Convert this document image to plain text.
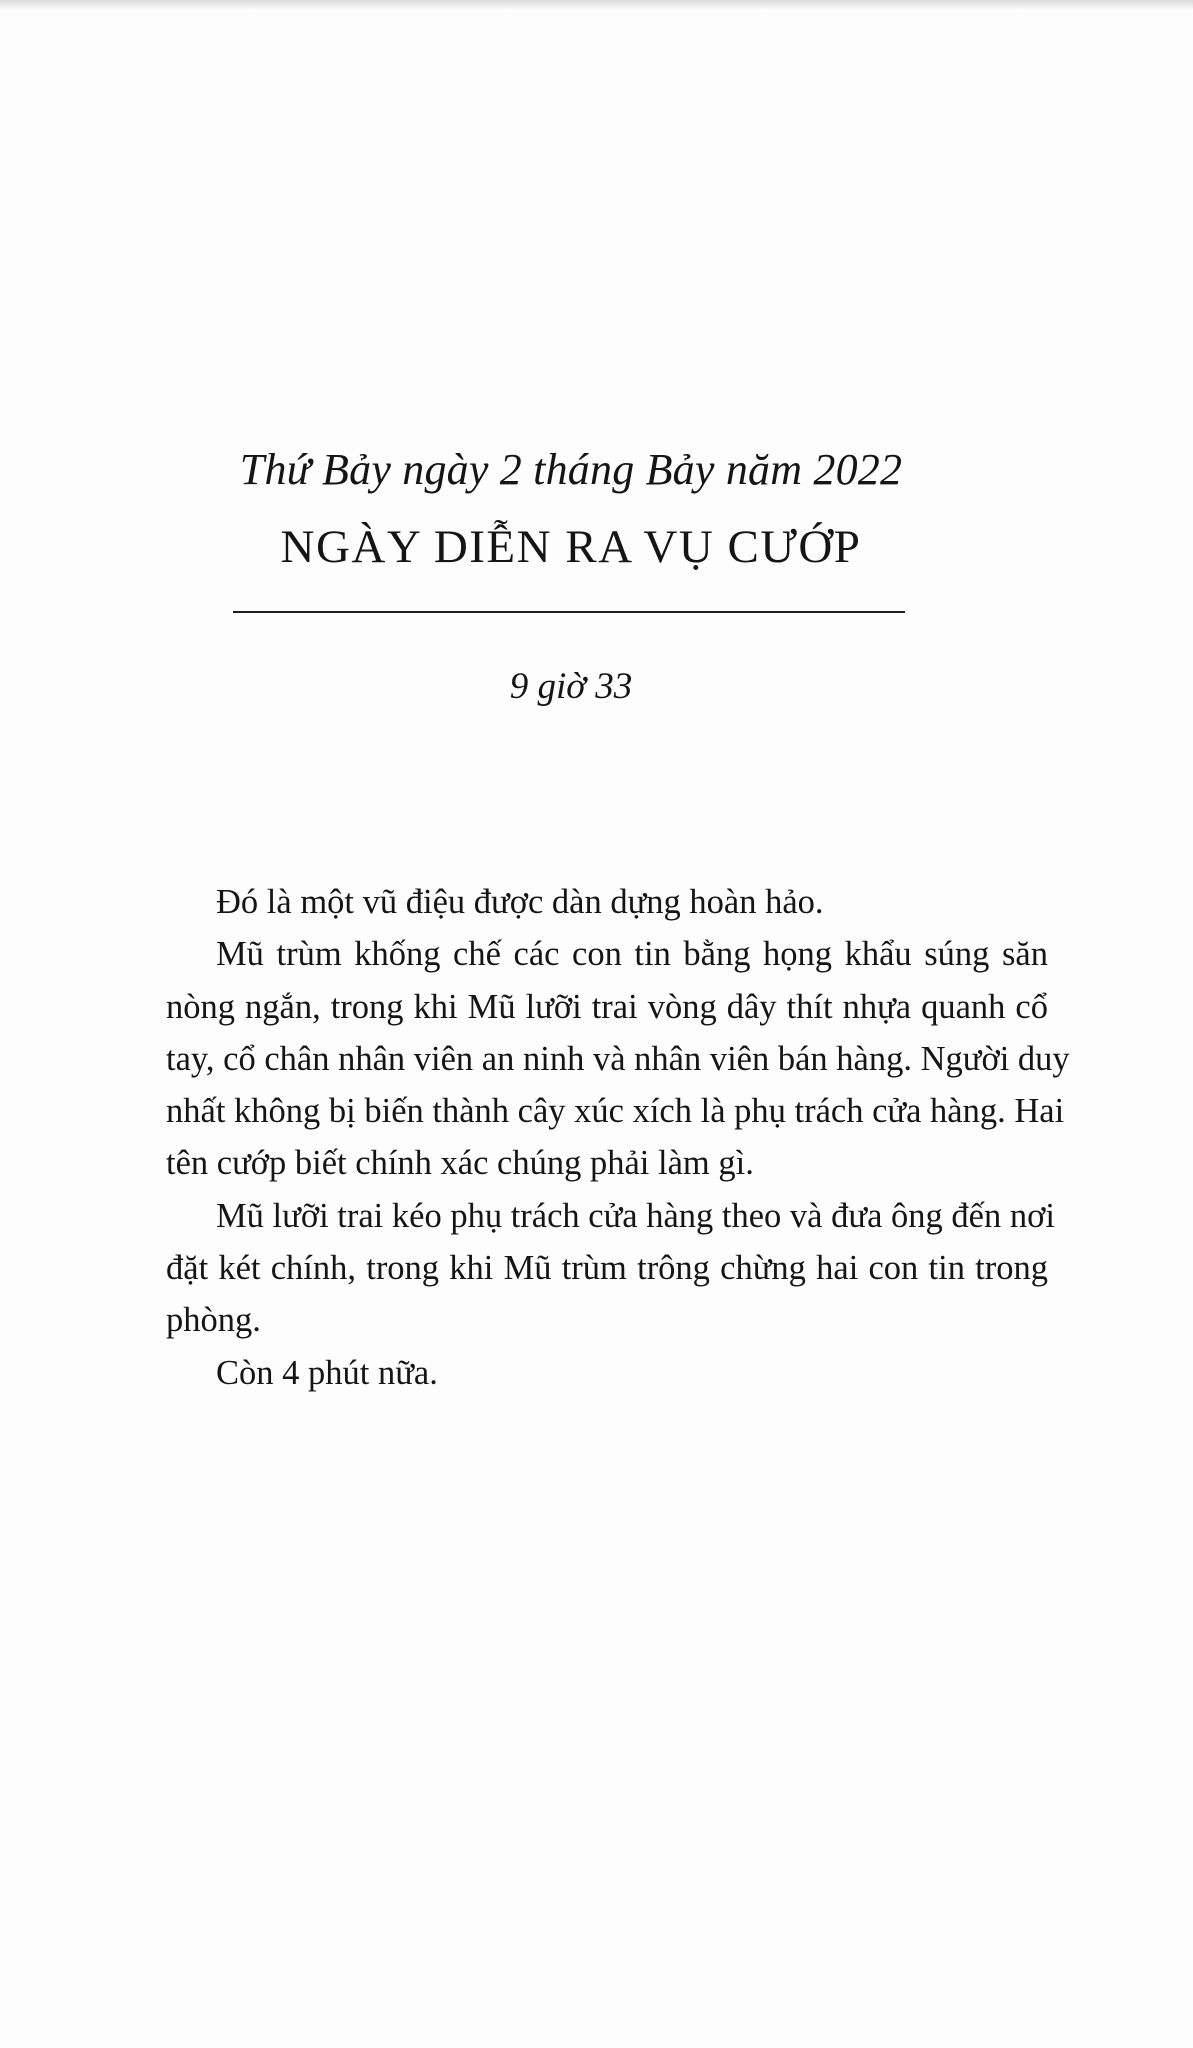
Thứ Bảy ngày 2 tháng Bảy năm 2022
NGÀY DIỄN RA VỤ CƯỚP
9 giờ 33

Đó là một vũ điệu được dàn dựng hoàn hảo.

Mũ trùm khống chế các con tin bằng họng khẩu súng săn
nòng ngắn, trong khi Mũ lưỡi trai vòng dây thít nhựa quanh cổ
tay, cổ chân nhân viên an ninh và nhân viên bán hàng. Người duy
nhất không bị biến thành cây xúc xích là phụ trách cửa hàng. Hai
tên cướp biết chính xác chúng phải làm gì.

Mũ lưỡi trai kéo phụ trách cửa hàng theo và đưa ông đến nơi
đặt két chính, trong khi Mũ trùm trông chừng hai con tin trong
phòng.

Còn 4 phút nữa.
